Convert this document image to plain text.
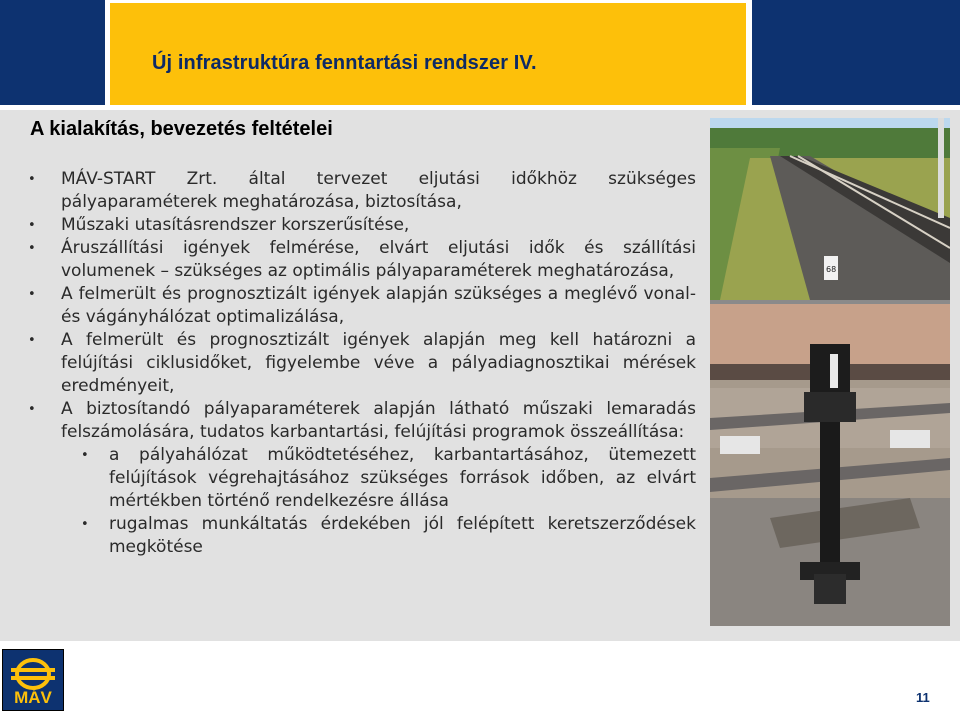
Új infrastruktúra fenntartási rendszer IV.
A kialakítás, bevezetés feltételei
• MÁV-START Zrt. által tervezet eljutási időkhöz szükséges pályaparaméterek meghatározása, biztosítása,
• Műszaki utasításrendszer korszerűsítése,
• Áruszállítási igények felmérése, elvárt eljutási idők és szállítási volumenek – szükséges az optimális pályaparaméterek meghatározása,
• A felmerült és prognosztizált igények alapján szükséges a meglévő vonal- és vágányhálózat optimalizálása,
• A felmerült és prognosztizált igények alapján meg kell határozni a felújítási ciklusidőket, figyelembe véve a pályadiagnosztikai mérések eredményeit,
• A biztosítandó pályaparaméterek alapján látható műszaki lemaradás felszámolására, tudatos karbantartási, felújítási programok összeállítása:
• a pályahálózat működtetéséhez, karbantartásához, ütemezett felújítások végrehajtásához szükséges források időben, az elvárt mértékben történő rendelkezésre állása
• rugalmas munkáltatás érdekében jól felépített keretszerződések megkötése
68
MÁV	11
